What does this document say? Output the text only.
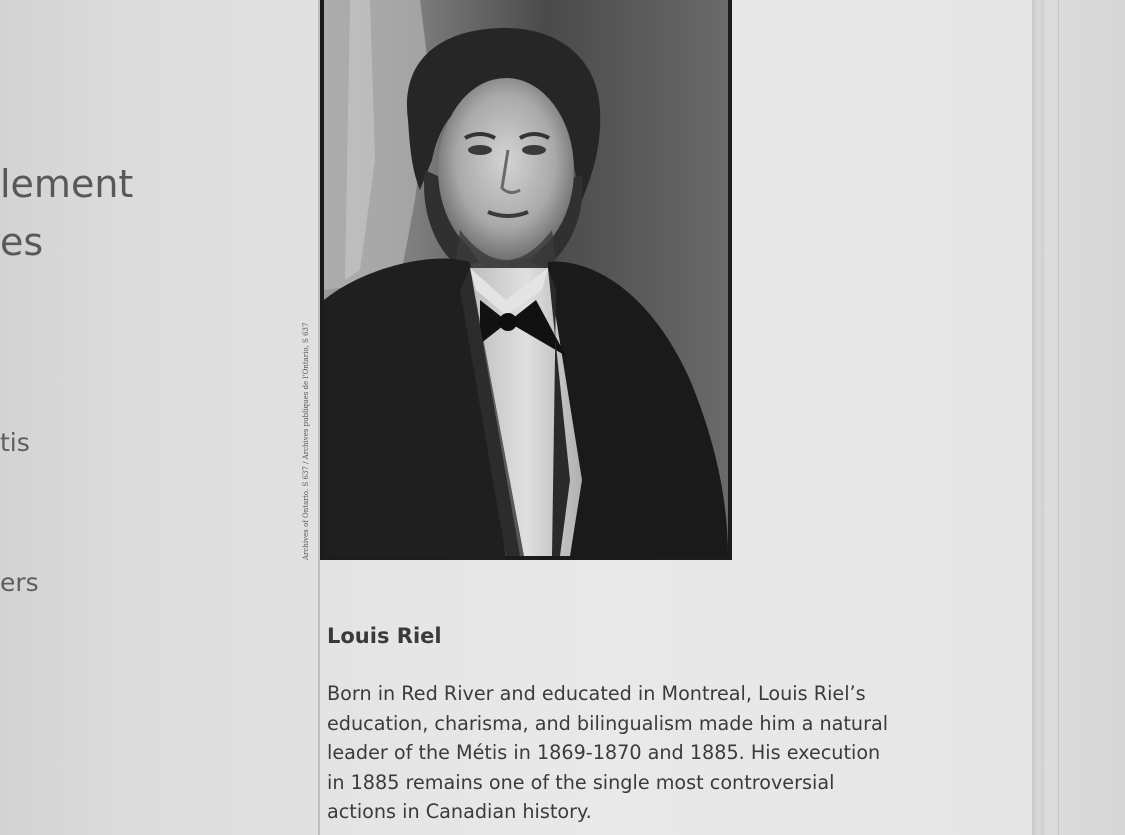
lement
es
tis
ers
Archives of Ontario, S 637 / Archives publiques de l'Ontario, S 637
Louis Riel
Born in Red River and educated in Montreal, Louis Riel’s
education, charisma, and bilingualism made him a natural
leader of the Métis in 1869-1870 and 1885. His execution
in 1885 remains one of the single most controversial
actions in Canadian history.
